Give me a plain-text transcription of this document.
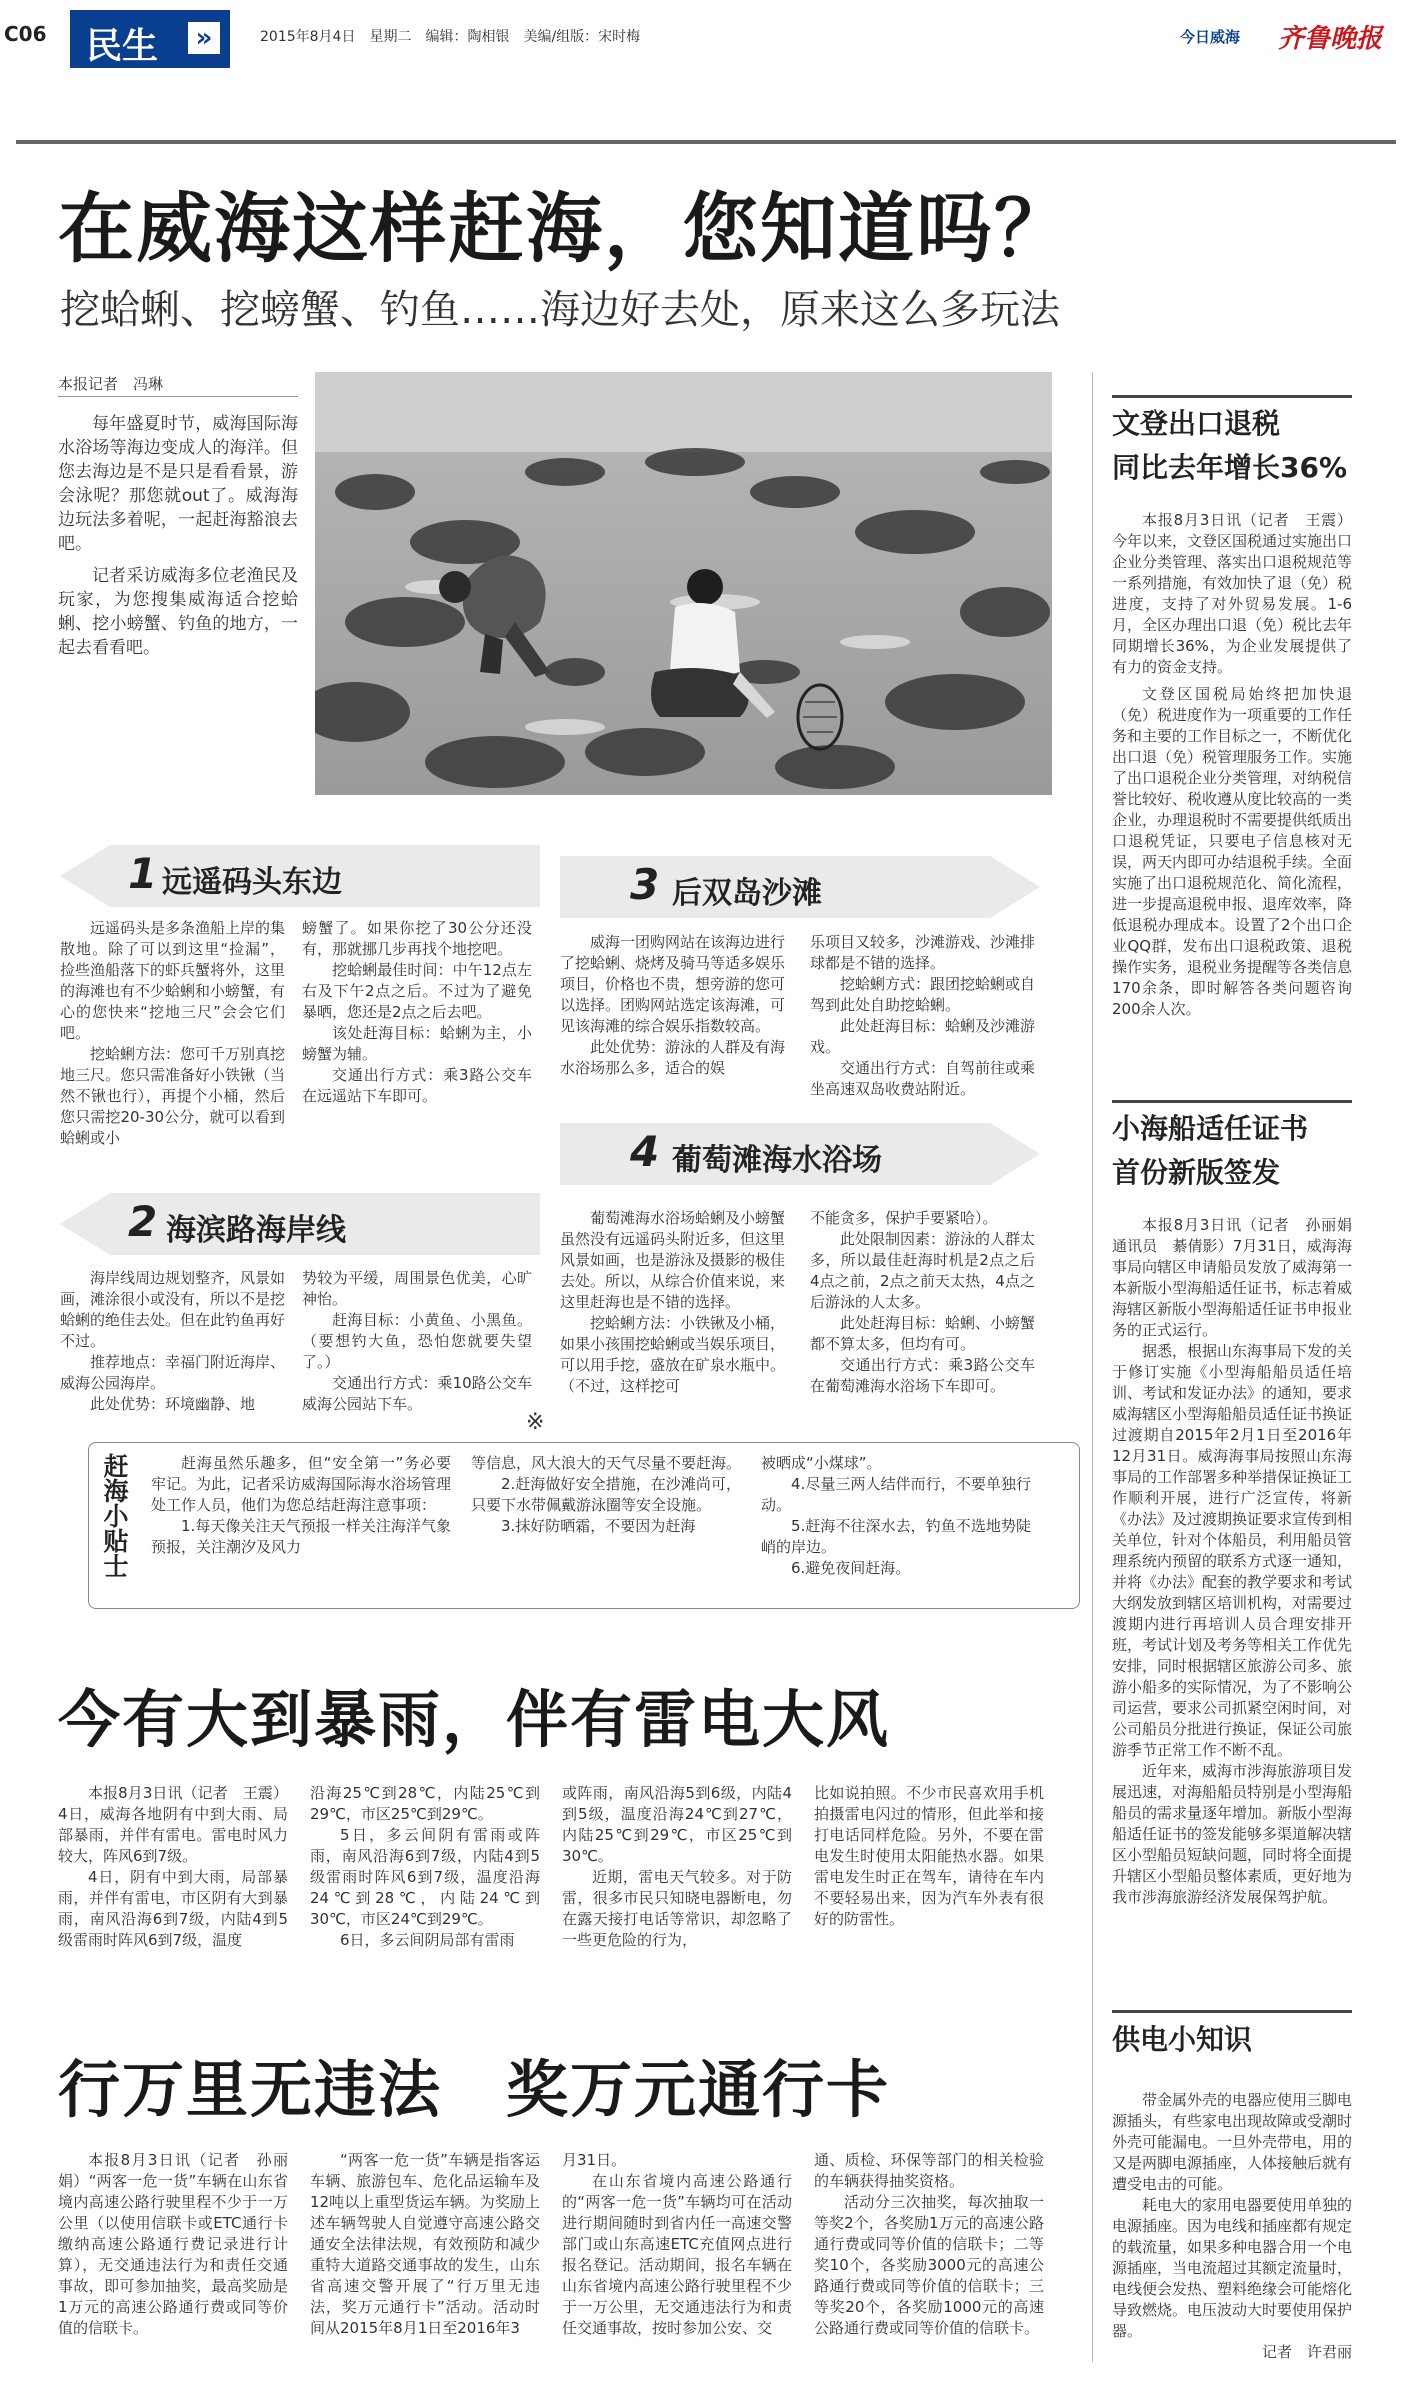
C06 民生 »	2015年8月4日　星期二　编辑：陶相银　美编/组版：宋时梅	今日威海 齐鲁晚报
在威海这样赶海，您知道吗？
挖蛤蜊、挖螃蟹、钓鱼……海边好去处，原来这么多玩法
本报记者　冯琳

每年盛夏时节，威海国际海水浴场等海边变成人的海洋。但您去海边是不是只是看看景，游会泳呢？那您就out了。威海海边玩法多着呢，一起赶海豁浪去吧。

记者采访威海多位老渔民及玩家，为您搜集威海适合挖蛤蜊、挖小螃蟹、钓鱼的地方，一起去看看吧。

1 远遥码头东边

远遥码头是多条渔船上岸的集散地。除了可以到这里“捡漏”，捡些渔船落下的虾兵蟹将外，这里的海滩也有不少蛤蜊和小螃蟹，有心的您快来“挖地三尺”会会它们吧。

挖蛤蜊方法：您可千万别真挖地三尺。您只需准备好小铁锹（当然不锹也行），再提个小桶，然后您只需挖20-30公分，就可以看到蛤蜊或小

螃蟹了。如果你挖了30公分还没有，那就挪几步再找个地挖吧。

挖蛤蜊最佳时间：中午12点左右及下午2点之后。不过为了避免暴晒，您还是2点之后去吧。

该处赶海目标：蛤蜊为主，小螃蟹为辅。

交通出行方式：乘3路公交车在远遥站下车即可。

3 后双岛沙滩

威海一团购网站在该海边进行了挖蛤蜊、烧烤及骑马等适多娱乐项目，价格也不贵，想旁游的您可以选择。团购网站选定该海滩，可见该海滩的综合娱乐指数较高。

此处优势：游泳的人群及有海水浴场那么多，适合的娱

乐项目又较多，沙滩游戏、沙滩排球都是不错的选择。

挖蛤蜊方式：跟团挖蛤蜊或自驾到此处自助挖蛤蜊。

此处赶海目标：蛤蜊及沙滩游戏。

交通出行方式：自驾前往或乘坐高速双岛收费站附近。

4 葡萄滩海水浴场

葡萄滩海水浴场蛤蜊及小螃蟹虽然没有远遥码头附近多，但这里风景如画，也是游泳及摄影的极佳去处。所以，从综合价值来说，来这里赶海也是不错的选择。

挖蛤蜊方法：小铁锹及小桶，如果小孩围挖蛤蜊或当娱乐项目，可以用手挖，盛放在矿泉水瓶中。（不过，这样挖可

不能贪多，保护手要紧哈）。

此处限制因素：游泳的人群太多，所以最佳赶海时机是2点之后4点之前，2点之前天太热，4点之后游泳的人太多。

此处赶海目标：蛤蜊、小螃蟹都不算太多，但均有可。

交通出行方式：乘3路公交车在葡萄滩海水浴场下车即可。

2 海滨路海岸线

海岸线周边规划整齐，风景如画，滩涂很小或没有，所以不是挖蛤蜊的绝佳去处。但在此钓鱼再好不过。

推荐地点：幸福门附近海岸、威海公园海岸。

此处优势：环境幽静、地

势较为平缓，周围景色优美，心旷神怡。

赶海目标：小黄鱼、小黑鱼。（要想钓大鱼，恐怕您就要失望了。）

交通出行方式：乘10路公交车威海公园站下车。

※
赶海小贴士	赶海虽然乐趣多，但“安全第一”务必要牢记。为此，记者采访威海国际海水浴场管理处工作人员，他们为您总结赶海注意事项：

1.每天像关注天气预报一样关注海洋气象预报，关注潮汐及风力

等信息，风大浪大的天气尽量不要赶海。

2.赶海做好安全措施，在沙滩尚可，只要下水带佩戴游泳圈等安全设施。

3.抹好防晒霜，不要因为赶海

被晒成“小煤球”。

4.尽量三两人结伴而行，不要单独行动。

5.赶海不往深水去，钓鱼不选地势陡峭的岸边。

6.避免夜间赶海。

今有大到暴雨，伴有雷电大风

本报8月3日讯（记者　王震）4日，威海各地阴有中到大雨、局部暴雨，并伴有雷电。雷电时风力较大，阵风6到7级。

4日，阴有中到大雨，局部暴雨，并伴有雷电，市区阴有大到暴雨，南风沿海6到7级，内陆4到5级雷雨时阵风6到7级，温度

沿海25℃到28℃，内陆25℃到29℃，市区25℃到29℃。

5日，多云间阴有雷雨或阵雨，南风沿海6到7级，内陆4到5级雷雨时阵风6到7级，温度沿海24℃到28℃，内陆24℃到30℃，市区24℃到29℃。

6日，多云间阴局部有雷雨

或阵雨，南风沿海5到6级，内陆4到5级，温度沿海24℃到27℃，内陆25℃到29℃，市区25℃到30℃。

近期，雷电天气较多。对于防雷，很多市民只知晓电器断电，勿在露天接打电话等常识，却忽略了一些更危险的行为，

比如说拍照。不少市民喜欢用手机拍摄雷电闪过的情形，但此举和接打电话同样危险。另外，不要在雷电发生时使用太阳能热水器。如果雷电发生时正在驾车，请待在车内不要轻易出来，因为汽车外表有很好的防雷性。

行万里无违法　奖万元通行卡

本报8月3日讯（记者　孙丽娟）“两客一危一货”车辆在山东省境内高速公路行驶里程不少于一万公里（以使用信联卡或ETC通行卡缴纳高速公路通行费记录进行计算），无交通违法行为和责任交通事故，即可参加抽奖，最高奖励是1万元的高速公路通行费或同等价值的信联卡。

“两客一危一货”车辆是指客运车辆、旅游包车、危化品运输车及12吨以上重型货运车辆。为奖励上述车辆驾驶人自觉遵守高速公路交通安全法律法规，有效预防和减少重特大道路交通事故的发生，山东省高速交警开展了“行万里无违法，奖万元通行卡”活动。活动时间从2015年8月1日至2016年3

月31日。

在山东省境内高速公路通行的“两客一危一货”车辆均可在活动进行期间随时到省内任一高速交警部门或山东高速ETC充值网点进行报名登记。活动期间，报名车辆在山东省境内高速公路行驶里程不少于一万公里，无交通违法行为和责任交通事故，按时参加公安、交

通、质检、环保等部门的相关检验的车辆获得抽奖资格。

活动分三次抽奖，每次抽取一等奖2个，各奖励1万元的高速公路通行费或同等价值的信联卡；二等奖10个，各奖励3000元的高速公路通行费或同等价值的信联卡；三等奖20个，各奖励1000元的高速公路通行费或同等价值的信联卡。

文登出口退税
同比去年增长36%

本报8月3日讯（记者　王震）今年以来，文登区国税通过实施出口企业分类管理、落实出口退税规范等一系列措施，有效加快了退（免）税进度，支持了对外贸易发展。1-6月，全区办理出口退（免）税比去年同期增长36%，为企业发展提供了有力的资金支持。

文登区国税局始终把加快退（免）税进度作为一项重要的工作任务和主要的工作目标之一，不断优化出口退（免）税管理服务工作。实施了出口退税企业分类管理，对纳税信誉比较好、税收遵从度比较高的一类企业，办理退税时不需要提供纸质出口退税凭证，只要电子信息核对无误，两天内即可办结退税手续。全面实施了出口退税规范化、简化流程，进一步提高退税申报、退库效率，降低退税办理成本。设置了2个出口企业QQ群，发布出口退税政策、退税操作实务，退税业务提醒等各类信息170余条，即时解答各类问题咨询200余人次。

小海船适任证书
首份新版签发

本报8月3日讯（记者　孙丽娟　通讯员　綦倩影）7月31日，威海海事局向辖区申请船员发放了威海第一本新版小型海船适任证书，标志着威海辖区新版小型海船适任证书申报业务的正式运行。

据悉，根据山东海事局下发的关于修订实施《小型海船船员适任培训、考试和发证办法》的通知，要求威海辖区小型海船船员适任证书换证过渡期自2015年2月1日至2016年12月31日。威海海事局按照山东海事局的工作部署多种举措保证换证工作顺利开展，进行广泛宣传，将新《办法》及过渡期换证要求宣传到相关单位，针对个体船员，利用船员管理系统内预留的联系方式逐一通知，并将《办法》配套的教学要求和考试大纲发放到辖区培训机构，对需要过渡期内进行再培训人员合理安排开班，考试计划及考务等相关工作优先安排，同时根据辖区旅游公司多、旅游小船多的实际情况，为了不影响公司运营，要求公司抓紧空闲时间，对公司船员分批进行换证，保证公司旅游季节正常工作不断不乱。

近年来，威海市涉海旅游项目发展迅速，对海船船员特别是小型海船船员的需求量逐年增加。新版小型海船适任证书的签发能够多渠道解决辖区小型船员短缺问题，同时将全面提升辖区小型船员整体素质，更好地为我市涉海旅游经济发展保驾护航。

供电小知识

带金属外壳的电器应使用三脚电源插头，有些家电出现故障或受潮时外壳可能漏电。一旦外壳带电，用的又是两脚电源插座，人体接触后就有遭受电击的可能。

耗电大的家用电器要使用单独的电源插座。因为电线和插座都有规定的载流量，如果多种电器合用一个电源插座，当电流超过其额定流量时，电线便会发热、塑料绝缘会可能熔化导致燃烧。电压波动大时要使用保护器。

记者　许君丽
